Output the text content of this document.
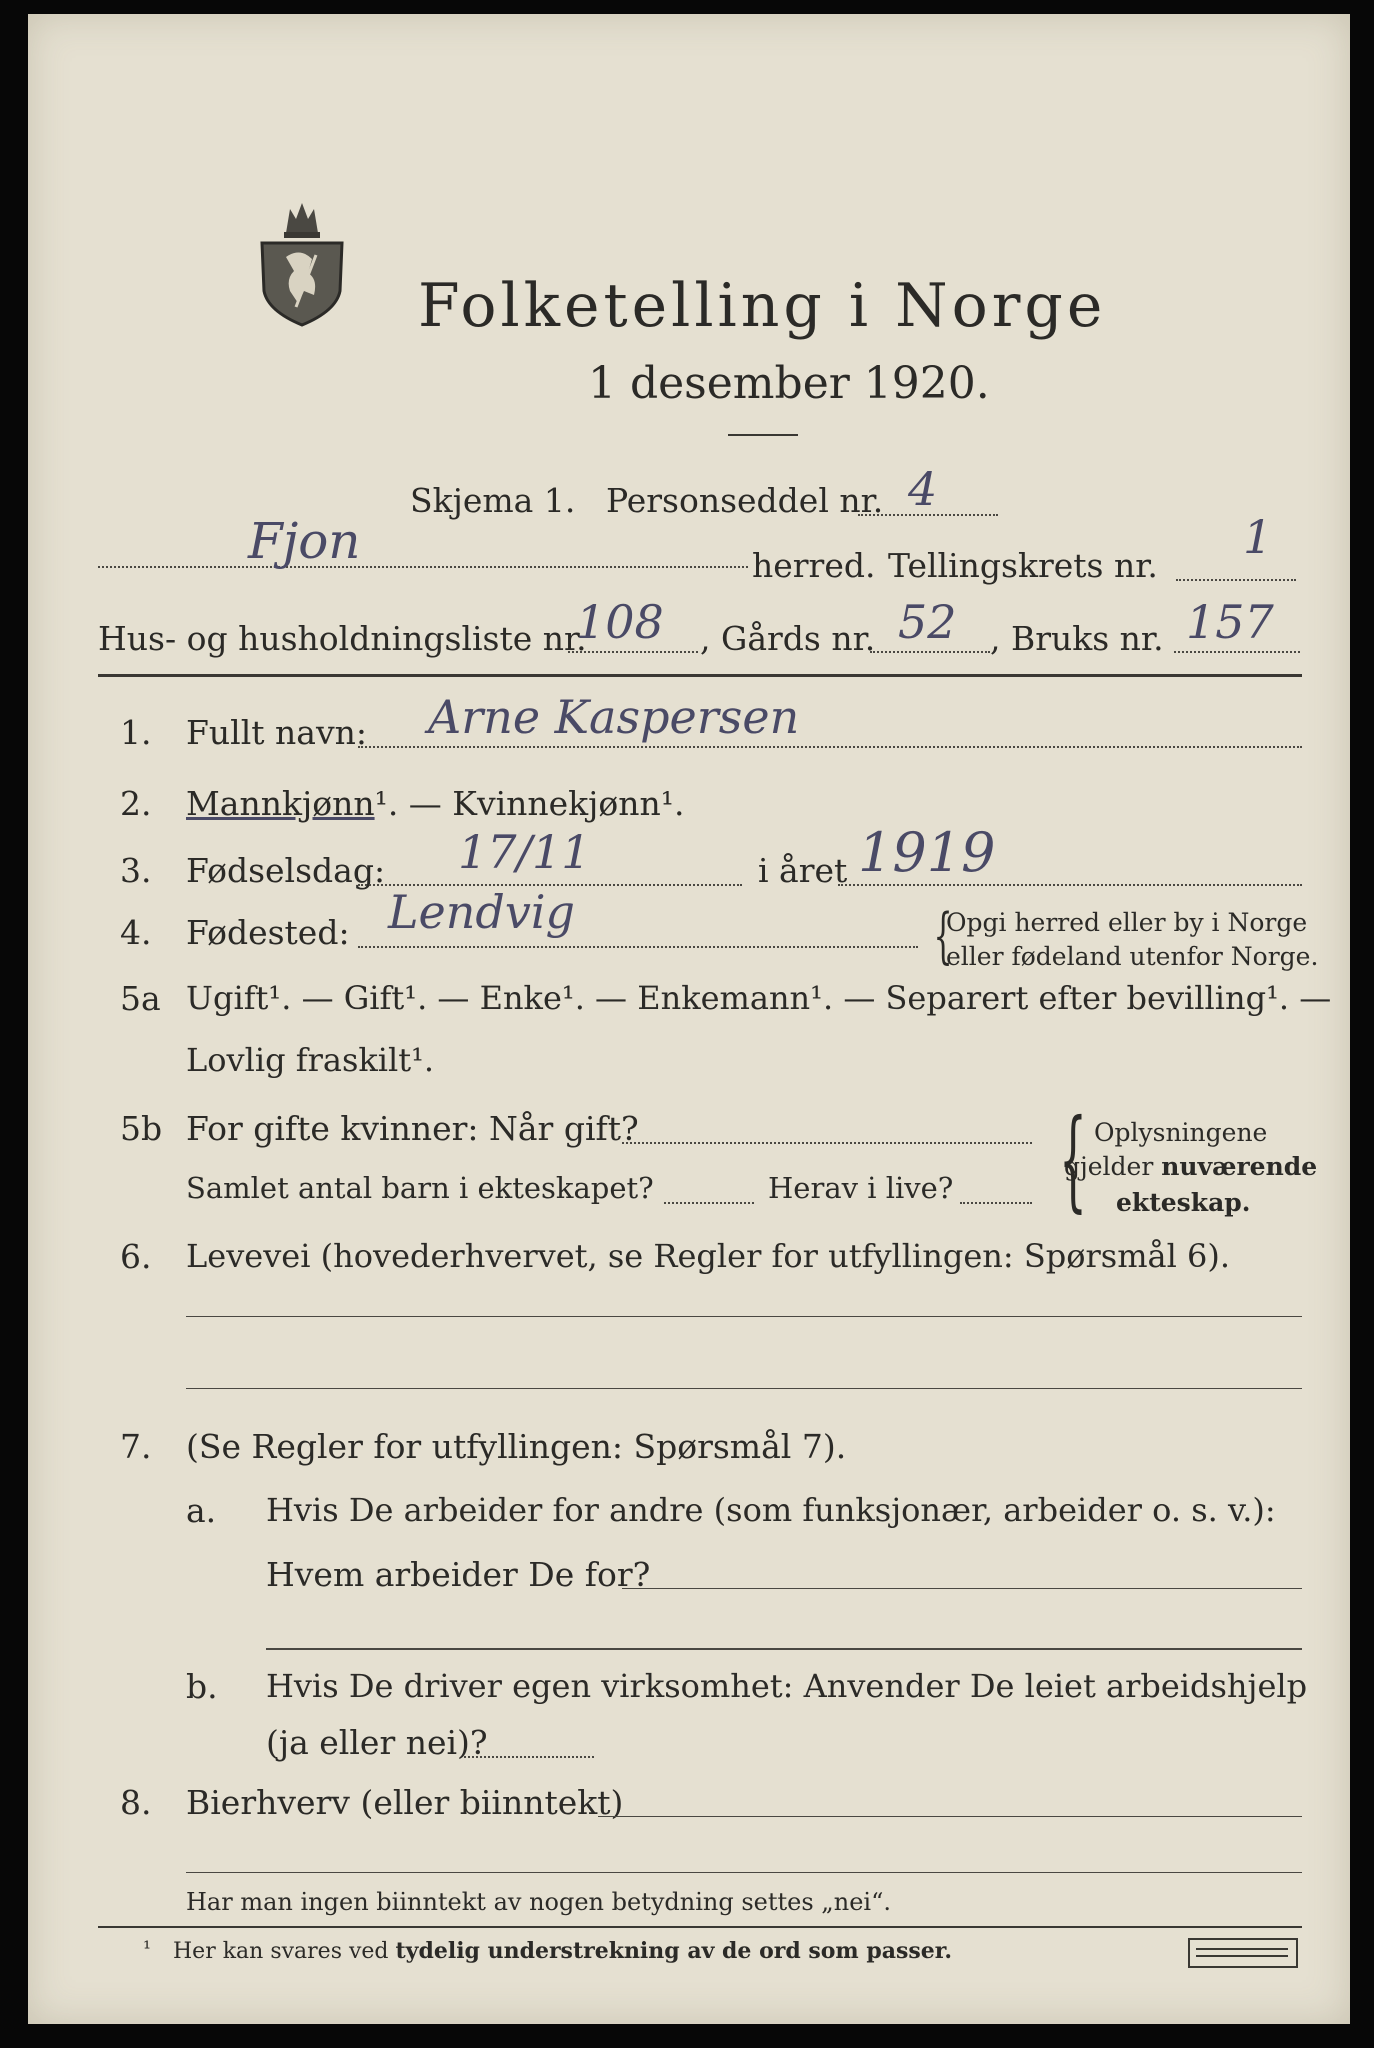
Folketelling i Norge
1 desember 1920.
Skjema 1. Personseddel nr. 4
Fjon	herred. Tellingskrets nr.
1
Hus- og husholdningsliste nr.
108 , Gårds nr. 52 , Bruks nr. 157
1. Fullt navn: Arne Kaspersen
2. Mannkjønn¹. — Kvinnekjønn¹.
3. Fødselsdag: 17/11	i året 1919
4. Fødested: Lendvig	{
Opgi herred eller by i Norge
eller fødeland utenfor Norge.
5a Ugift¹. — Gift¹. — Enke¹. — Enkemann¹. — Separert efter bevilling¹. —
Lovlig fraskilt¹.
5b For gifte kvinner: Når gift?
Samlet antal barn i ekteskapet?	Herav i live? { Oplysningene
gjelder nuværende
ekteskap.
6. Levevei (hovederhvervet, se Regler for utfyllingen: Spørsmål 6).
7. (Se Regler for utfyllingen: Spørsmål 7).
a. Hvis De arbeider for andre (som funksjonær, arbeider o. s. v.):
Hvem arbeider De for?
b. Hvis De driver egen virksomhet: Anvender De leiet arbeidshjelp
(ja eller nei)?
8. Bierhverv (eller biinntekt)
Har man ingen biinntekt av nogen betydning settes „nei“.
¹ Her kan svares ved tydelig understrekning av de ord som passer.
